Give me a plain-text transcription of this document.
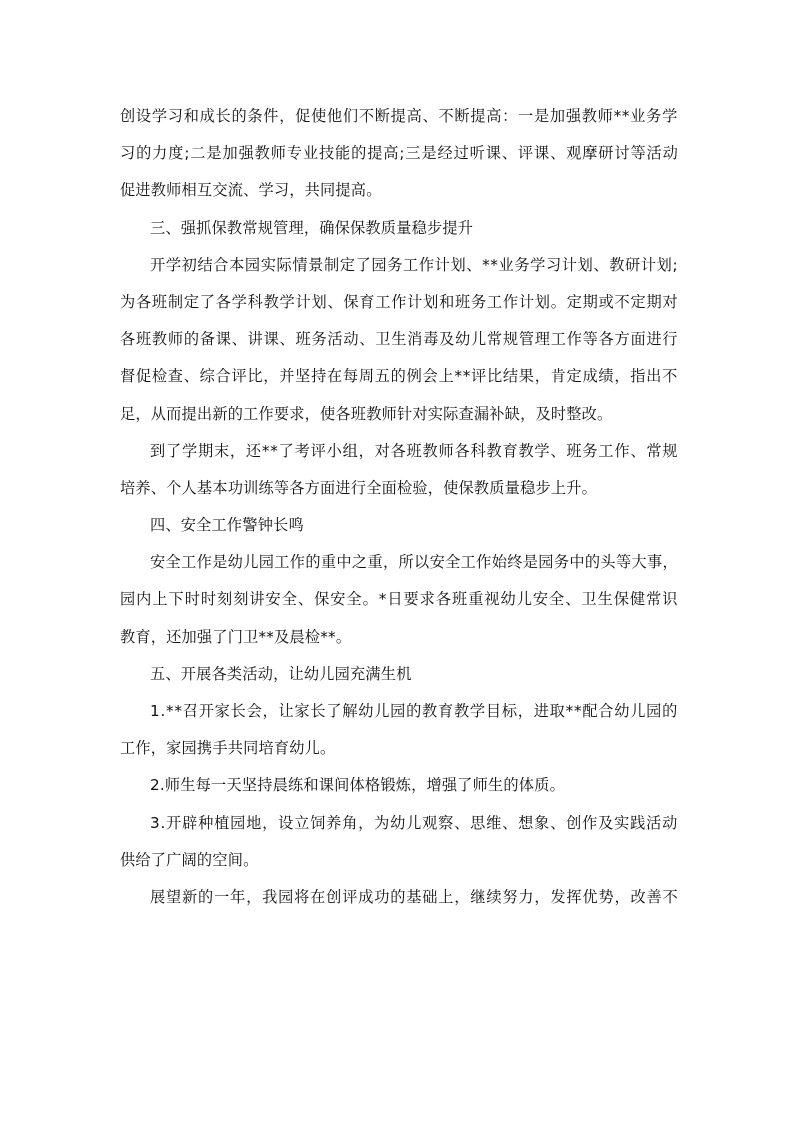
创 设 学 习 和 成 长 的 条 件 ， 促 使 他 们 不 断 提 高 、 不 断 提 高 ： 一 是 加 强 教 师 * * 业 务 学
习 的 力 度 ; 二 是 加 强 教 师 专 业 技 能 的 提 高 ; 三 是 经 过 听 课 、 评 课 、 观 摩 研 讨 等 活 动
促进教师相互交流、学习，共同提高。
三、强抓保教常规管理，确保保教质量稳步提升
开 学 初 结 合 本 园 实 际 情 景 制 定 了 园 务 工 作 计 划 、 * * 业 务 学 习 计 划 、 教 研 计 划 ;
为 各 班 制 定 了 各 学 科 教 学 计 划 、 保 育 工 作 计 划 和 班 务 工 作 计 划 。 定 期 或 不 定 期 对
各 班 教 师 的 备 课 、 讲 课 、 班 务 活 动 、 卫 生 消 毒 及 幼 儿 常 规 管 理 工 作 等 各 方 面 进 行
督 促 检 查 、 综 合 评 比 ， 并 坚 持 在 每 周 五 的 例 会 上 * * 评 比 结 果 ， 肯 定 成 绩 ， 指 出 不
足，从而提出新的工作要求，使各班教师针对实际查漏补缺，及时整改。
到 了 学 期 末 ， 还 * * 了 考 评 小 组 ， 对 各 班 教 师 各 科 教 育 教 学 、 班 务 工 作 、 常 规
培养、个人基本功训练等各方面进行全面检验，使保教质量稳步上升。
四、安全工作警钟长鸣
安 全 工 作 是 幼 儿 园 工 作 的 重 中 之 重 ， 所 以 安 全 工 作 始 终 是 园 务 中 的 头 等 大 事 ，
园 内 上 下 时 时 刻 刻 讲 安 全 、 保 安 全 。 * 日 要 求 各 班 重 视 幼 儿 安 全 、 卫 生 保 健 常 识
教育，还加强了门卫**及晨检**。
五、开展各类活动，让幼儿园充满生机
1 . * * 召 开 家 长 会 ， 让 家 长 了 解 幼 儿 园 的 教 育 教 学 目 标 ， 进 取 * * 配 合 幼 儿 园 的
工作，家园携手共同培育幼儿。
2.师生每一天坚持晨练和课间体格锻炼，增强了师生的体质。
3 . 开 辟 种 植 园 地 ， 设 立 饲 养 角 ， 为 幼 儿 观 察 、 思 维 、 想 象 、 创 作 及 实 践 活 动
供给了广阔的空间。
展 望 新 的 一 年 ， 我 园 将 在 创 评 成 功 的 基 础 上 ， 继 续 努 力 ， 发 挥 优 势 ， 改 善 不
